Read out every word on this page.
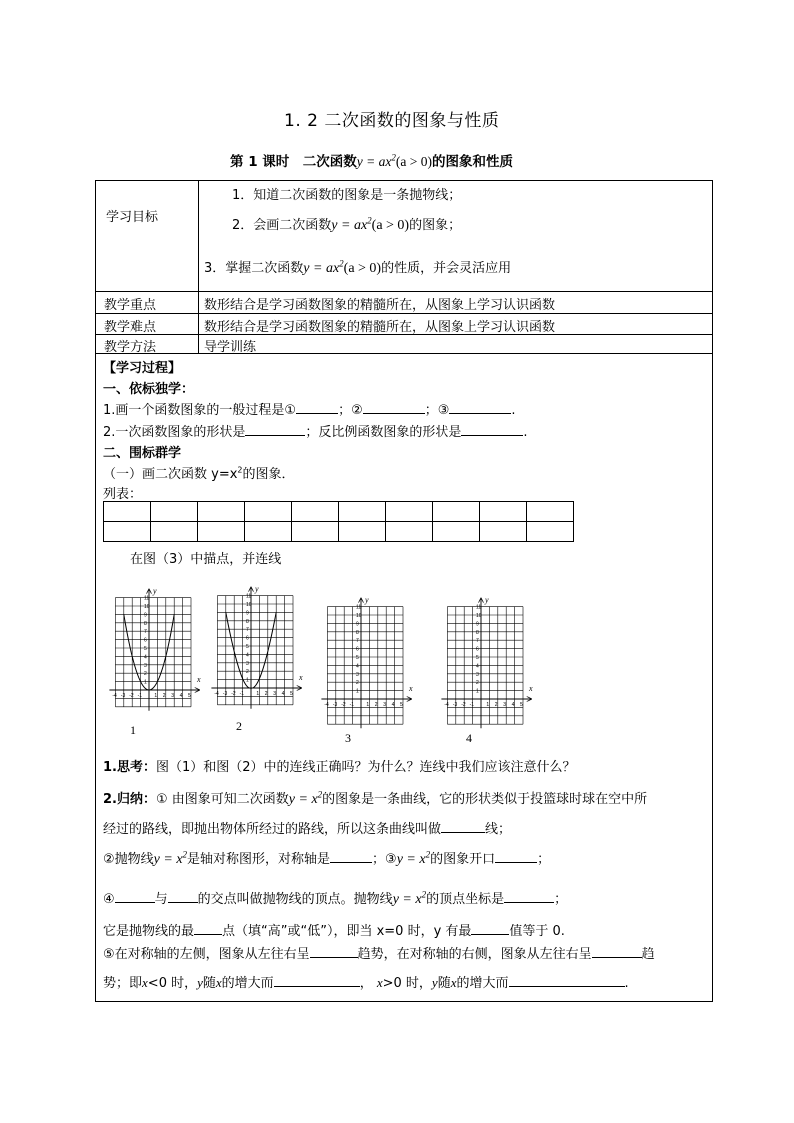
1. 2 二次函数的图象与性质
第 1 课时　二次函数$y = ax^2(a > 0)$的图象和性质
学习目标
1．知道二次函数的图象是一条抛物线；
2．会画二次函数$y = ax^2(a > 0)$的图象；
3．掌握二次函数$y = ax^2(a > 0)$的性质，并会灵活应用
教学重点	数形结合是学习函数图象的精髓所在，从图象上学习认识函数
教学难点	数形结合是学习函数图象的精髓所在，从图象上学习认识函数
教学方法	导学训练
【学习过程】
一、依标独学：
1.画一个函数图象的一般过程是①	；②	；③	.
2.一次函数图象的形状是	；反比例函数图象的形状是	.
二、围标群学
（一）画二次函数 $y=x^2$的图象．
列表：

在图（3）中描点，并连线
x
y
1
2
3
4
5
6
7
8
9
10
11
-4 -3 -2 -1 1 2 3 4 5
x
y
1
2
3
4
5
6
7
8
9
10
11
-4 -3 -2 -1 1 2 3 4 5
x
y
1
2
3
4
5
6
7
8
9
10
11
-4 -3 -2 -1 1 2 3 4 5
x
y
1
2
3
4
5
6
7
8
9
10
11
-4 -3 -2 -1 1 2 3 4 5
1	2
3	4
1.思考：图（1）和图（2）中的连线正确吗？为什么？连线中我们应该注意什么？
2.归纳：① 由图象可知二次函数$y = x^2$的图象是一条曲线，它的形状类似于投篮球时球在空中所
经过的路线，即抛出物体所经过的路线，所以这条曲线叫做	线；
②抛物线$y = x^2$是轴对称图形，对称轴是	；③y = $x^2$的图象开口	；
④	与 的交点叫做抛物线的顶点。抛物线$y = x^2$的顶点坐标是	；
它是抛物线的最 点（填“高”或“低”），即当 x=0 时，y 有最	值等于 0.
⑤在对称轴的左侧，图象从左往右呈	趋势，在对称轴的右侧，图象从左往右呈	趋
势；即x<0 时，y随x的增大而	， x>0 时，y随x的增大而	.
